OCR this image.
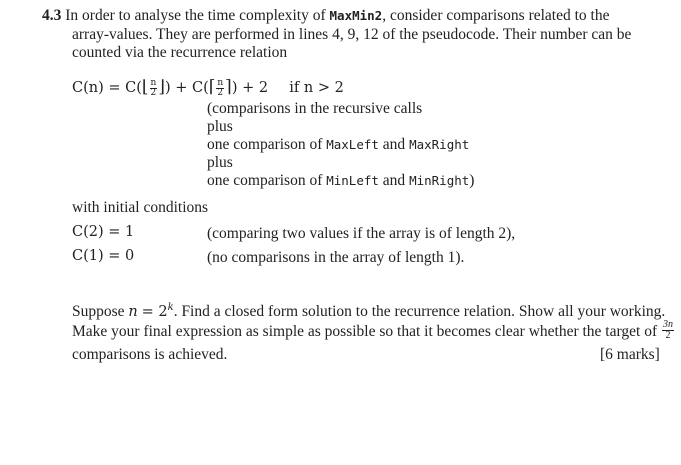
4.3 In order to analyse the time complexity of MaxMin2, consider comparisons related to the
array-values. They are performed in lines 4, 9, 12 of the pseudocode. Their number can be
counted via the recurrence relation
C(n) = C(⌊ $\frac{n}{2}$ ⌋) + C(⌈ $\frac{n}{2}$ ⌉) + 2 if n > 2
(comparisons in the recursive calls
plus
one comparison of MaxLeft and MaxRight
plus
one comparison of MinLeft and MinRight)
with initial conditions
C(2) = 1	(comparing two values if the array is of length 2),
C(1) = 0	(no comparisons in the array of length 1).
Suppose $n = 2^k$. Find a closed form solution to the recurrence relation. Show all your working.
Make your final expression as simple as possible so that it becomes clear whether the target of $\frac{3n}{2}$
comparisons is achieved.	[6 marks]
